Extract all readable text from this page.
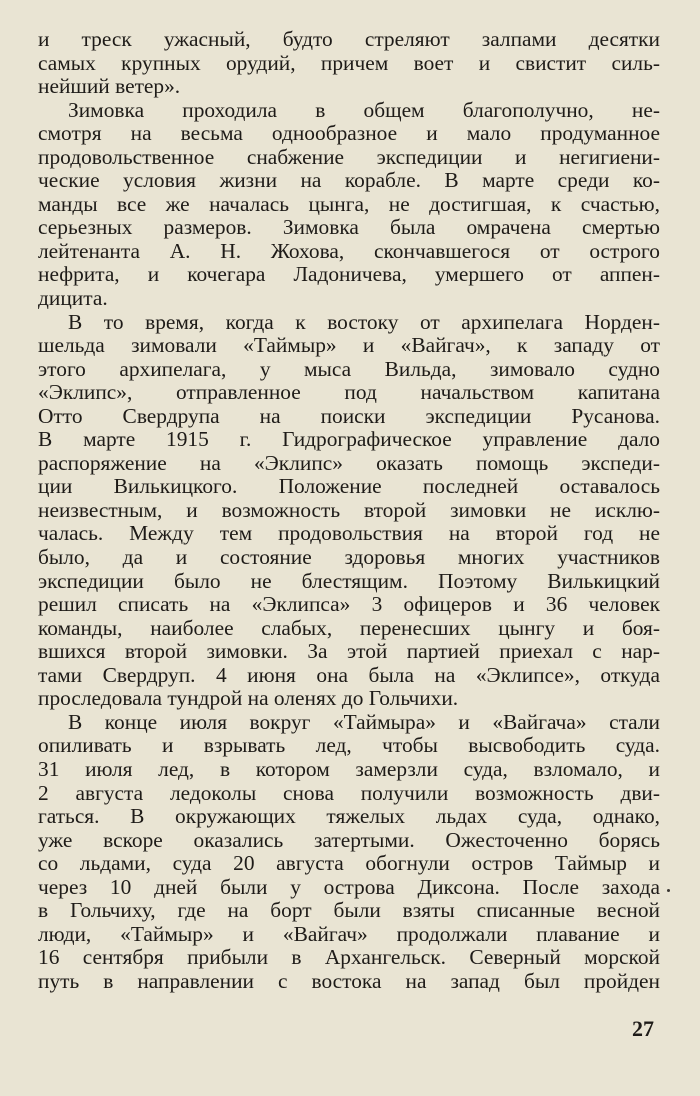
и треск ужасный, будто стреляют залпами десятки
самых крупных орудий, причем воет и свистит силь-
нейший ветер».
Зимовка проходила в общем благополучно, не-
смотря на весьма однообразное и мало продуманное
продовольственное снабжение экспедиции и негигиени-
ческие условия жизни на корабле. В марте среди ко-
манды все же началась цынга, не достигшая, к счастью,
серьезных размеров. Зимовка была омрачена смертью
лейтенанта А. Н. Жохова, скончавшегося от острого
нефрита, и кочегара Ладоничева, умершего от аппен-
дицита.
В то время, когда к востоку от архипелага Норден-
шельда зимовали «Таймыр» и «Вайгач», к западу от
этого архипелага, у мыса Вильда, зимовало судно
«Эклипс», отправленное под начальством капитана
Отто Свердрупа на поиски экспедиции Русанова.
В марте 1915 г. Гидрографическое управление дало
распоряжение на «Эклипс» оказать помощь экспеди-
ции Вилькицкого. Положение последней оставалось
неизвестным, и возможность второй зимовки не исклю-
чалась. Между тем продовольствия на второй год не
было, да и состояние здоровья многих участников
экспедиции было не блестящим. Поэтому Вилькицкий
решил списать на «Эклипса» 3 офицеров и 36 человек
команды, наиболее слабых, перенесших цынгу и боя-
вшихся второй зимовки. За этой партией приехал с нар-
тами Свердруп. 4 июня она была на «Эклипсе», откуда
проследовала тундрой на оленях до Гольчихи.
В конце июля вокруг «Таймыра» и «Вайгача» стали
опиливать и взрывать лед, чтобы высвободить суда.
31 июля лед, в котором замерзли суда, взломало, и
2 августа ледоколы снова получили возможность дви-
гаться. В окружающих тяжелых льдах суда, однако,
уже вскоре оказались затертыми. Ожесточенно борясь
со льдами, суда 20 августа обогнули остров Таймыр и
через 10 дней были у острова Диксона. После захода
в Гольчиху, где на борт были взяты списанные весной
люди, «Таймыр» и «Вайгач» продолжали плавание и
16 сентября прибыли в Архангельск. Северный морской
путь в направлении с востока на запад был пройден
27
